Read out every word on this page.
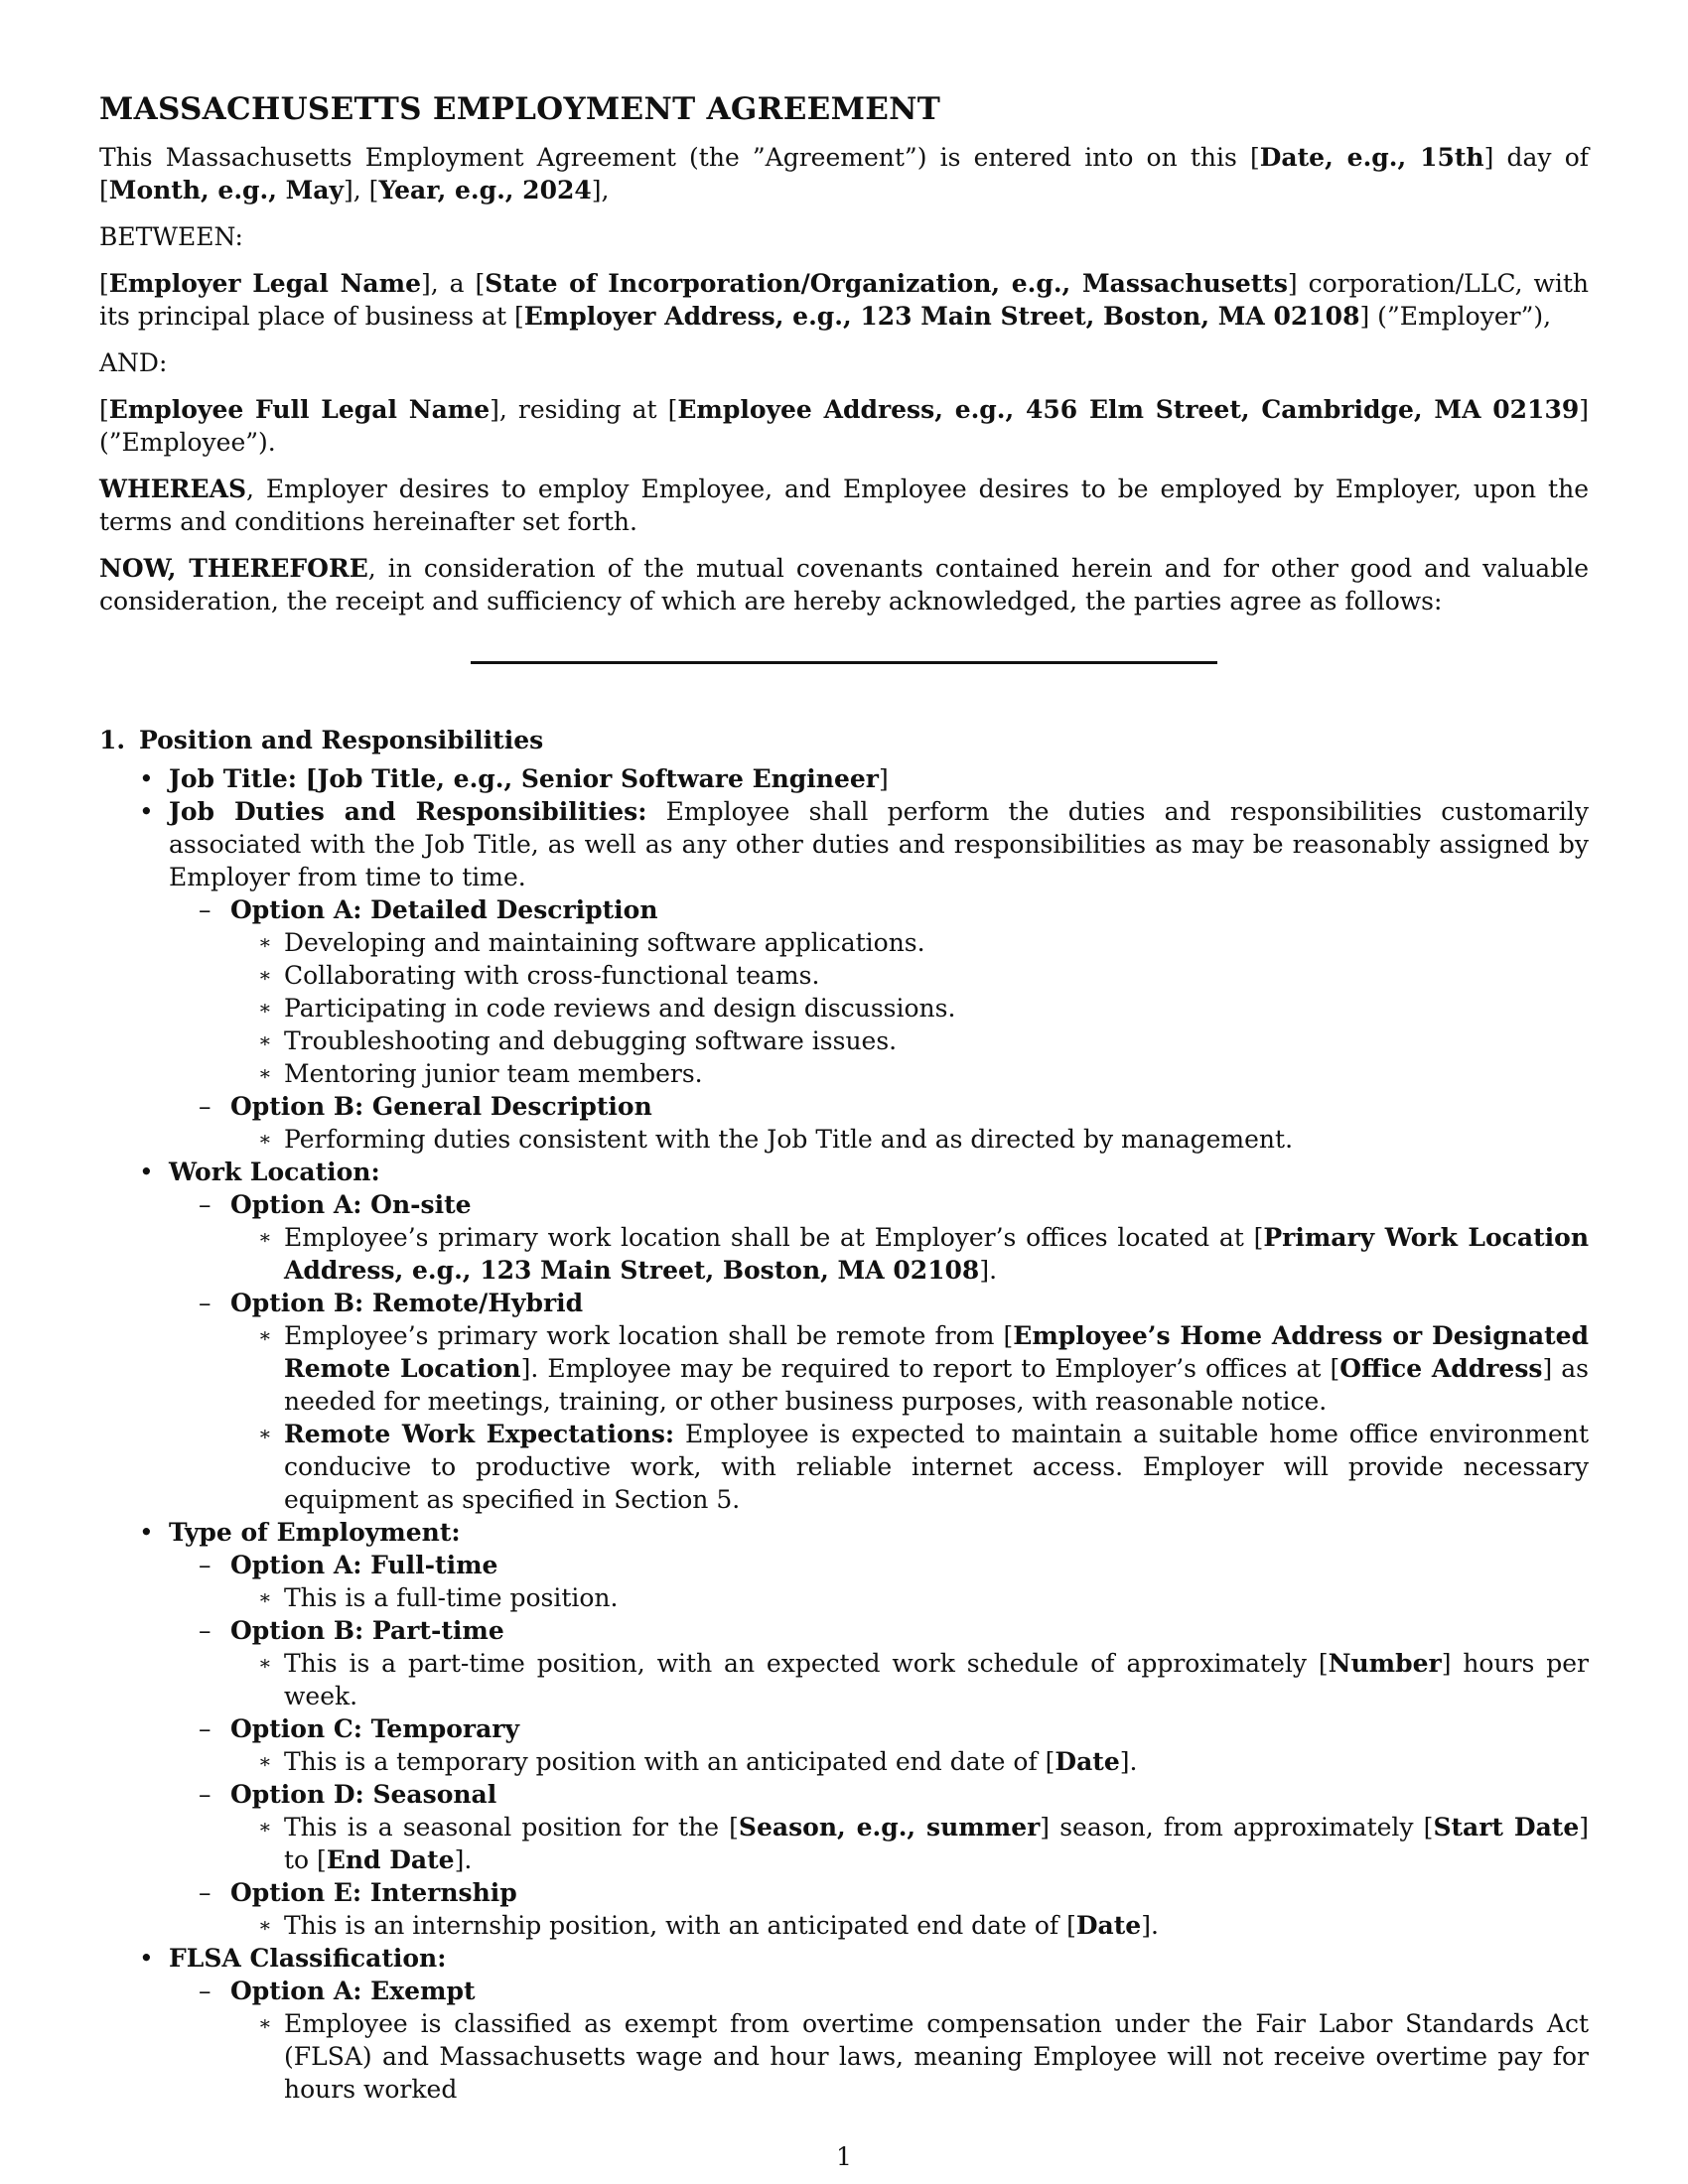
MASSACHUSETTS EMPLOYMENT AGREEMENT

This Massachusetts Employment Agreement (the ”Agreement”) is entered into on this [Date, e.g., 15th] day of [Month, e.g., May], [Year, e.g., 2024],

BETWEEN:

[Employer Legal Name], a [State of Incorporation/Organization, e.g., Massachusetts] corporation/LLC, with its principal place of business at [Employer Address, e.g., 123 Main Street, Boston, MA 02108] (”Employer”),

AND:

[Employee Full Legal Name], residing at [Employee Address, e.g., 456 Elm Street, Cambridge, MA 02139] (”Employee”).

WHEREAS, Employer desires to employ Employee, and Employee desires to be employed by Employer, upon the terms and conditions hereinafter set forth.

NOW, THEREFORE, in consideration of the mutual covenants contained herein and for other good and valuable consideration, the receipt and sufficiency of which are hereby acknowledged, the parties agree as follows:

1. Position and Responsibilities
• Job Title: [Job Title, e.g., Senior Software Engineer]
• Job Duties and Responsibilities: Employee shall perform the duties and responsibilities customarily associated with the Job Title, as well as any other duties and responsibilities as may be reasonably assigned by Employer from time to time.
– Option A: Detailed Description
∗ Developing and maintaining software applications.
∗ Collaborating with cross-functional teams.
∗ Participating in code reviews and design discussions.
∗ Troubleshooting and debugging software issues.
∗ Mentoring junior team members.
– Option B: General Description
∗ Performing duties consistent with the Job Title and as directed by management.
• Work Location:
– Option A: On-site
∗ Employee’s primary work location shall be at Employer’s offices located at [Primary Work Location Address, e.g., 123 Main Street, Boston, MA 02108].
– Option B: Remote/Hybrid
∗ Employee’s primary work location shall be remote from [Employee’s Home Address or Designated Remote Location]. Employee may be required to report to Employer’s offices at [Office Address] as needed for meetings, training, or other business purposes, with reasonable notice.
∗ Remote Work Expectations: Employee is expected to maintain a suitable home office environment conducive to productive work, with reliable internet access. Employer will provide necessary equipment as specified in Section 5.
• Type of Employment:
– Option A: Full-time
∗ This is a full-time position.
– Option B: Part-time
∗ This is a part-time position, with an expected work schedule of approximately [Number] hours per week.
– Option C: Temporary
∗ This is a temporary position with an anticipated end date of [Date].
– Option D: Seasonal
∗ This is a seasonal position for the [Season, e.g., summer] season, from approximately [Start Date] to [End Date].
– Option E: Internship
∗ This is an internship position, with an anticipated end date of [Date].
• FLSA Classification:
– Option A: Exempt
∗ Employee is classified as exempt from overtime compensation under the Fair Labor Standards Act (FLSA) and Massachusetts wage and hour laws, meaning Employee will not receive overtime pay for hours worked
1
